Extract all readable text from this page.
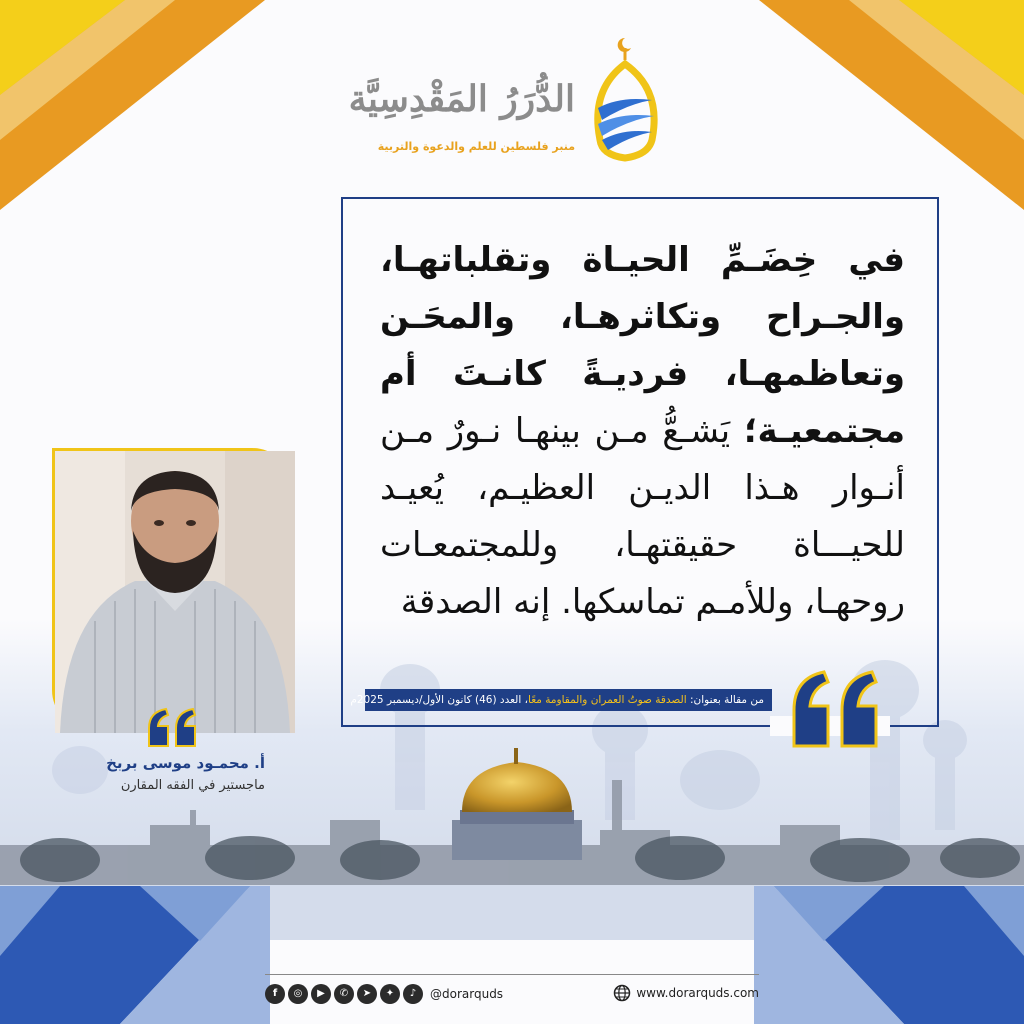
الدُّرَرُ المَقْدِسِيَّة
منبر فلسطين للعلم والدعوة والتربية
في خِضَـمِّ الحيـاة وتقلباتهـا، والجـراح وتكاثرهـا، والمحَـن وتعاظمهـا، فرديـةً كانـتَ أم مجتمعيـة؛ يَشـعُّ مـن بينهـا نـورٌ مـن أنـوار هـذا الديـن العظيـم، يُعيـد للحيـــاة حقيقتهـا، وللمجتمعـات روحهـا، وللأمـم تماسكها. إنه الصدقة
من مقالة بعنوان: الصدقة صوتُ العمران والمقاومة معًا، العدد (46) كانون الأول/ديسمبر 2025م
أ. محمـود موسى بربخ
ماجستير في الفقه المقارن
f	◎	▶	✆	➤	✦	♪	@dorarquds	www.dorarquds.com
